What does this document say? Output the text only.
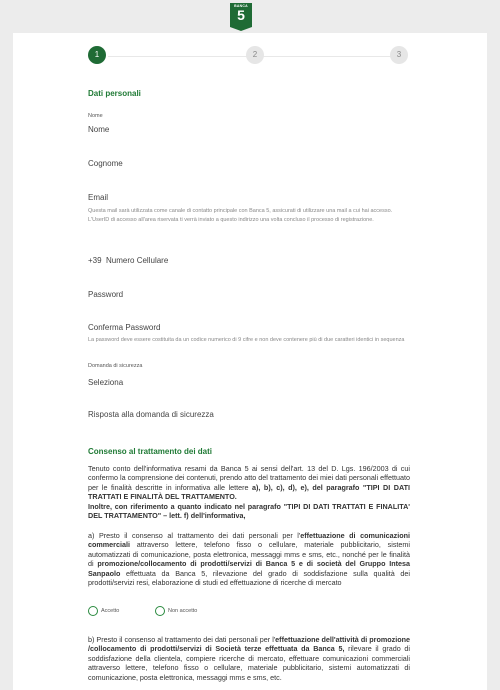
BANCA
5
1	2	3
Dati personali
Nome
Nome
Cognome
Email
Questa mail sarà utilizzata come canale di contatto principale con Banca 5, assicurati di utilizzare una mail a cui hai accesso. L'UserID di accesso all'area riservata ti verrà inviato a questo indirizzo una volta concluso il processo di registrazione.
+39 Numero Cellulare
Password
Conferma Password
La password deve essere costituita da un codice numerico di 9 cifre e non deve contenere più di due caratteri identici in sequenza
Domanda di sicurezza
Seleziona
Risposta alla domanda di sicurezza
Consenso al trattamento dei dati
Tenuto conto dell'informativa resami da Banca 5 ai sensi dell'art. 13 del D. Lgs. 196/2003 di cui confermo la comprensione dei contenuti, prendo atto del trattamento dei miei dati personali effettuato per le finalità descritte in informativa alle lettere a), b), c), d), e), del paragrafo "TIPI DI DATI TRATTATI E FINALITÀ DEL TRATTAMENTO.
Inoltre, con riferimento a quanto indicato nel paragrafo "TIPI DI DATI TRATTATI E FINALITA' DEL TRATTAMENTO" – lett. f) dell'informativa,
a) Presto il consenso al trattamento dei dati personali per l'effettuazione di comunicazioni commerciali attraverso lettere, telefono fisso o cellulare, materiale pubblicitario, sistemi automatizzati di comunicazione, posta elettronica, messaggi mms e sms, etc., nonché per le finalità di promozione/collocamento di prodotti/servizi di Banca 5 e di società del Gruppo Intesa Sanpaolo effettuata da Banca 5, rilevazione del grado di soddisfazione sulla qualità dei prodotti/servizi resi, elaborazione di studi ed effettuazione di ricerche di mercato
Accetto	Non accetto
b) Presto il consenso al trattamento dei dati personali per l'effettuazione dell'attività di promozione /collocamento di prodotti/servizi di Società terze effettuata da Banca 5, rilevare il grado di soddisfazione della clientela, compiere ricerche di mercato, effettuare comunicazioni commerciali attraverso lettere, telefono fisso o cellulare, materiale pubblicitario, sistemi automatizzati di comunicazione, posta elettronica, messaggi mms e sms, etc.
